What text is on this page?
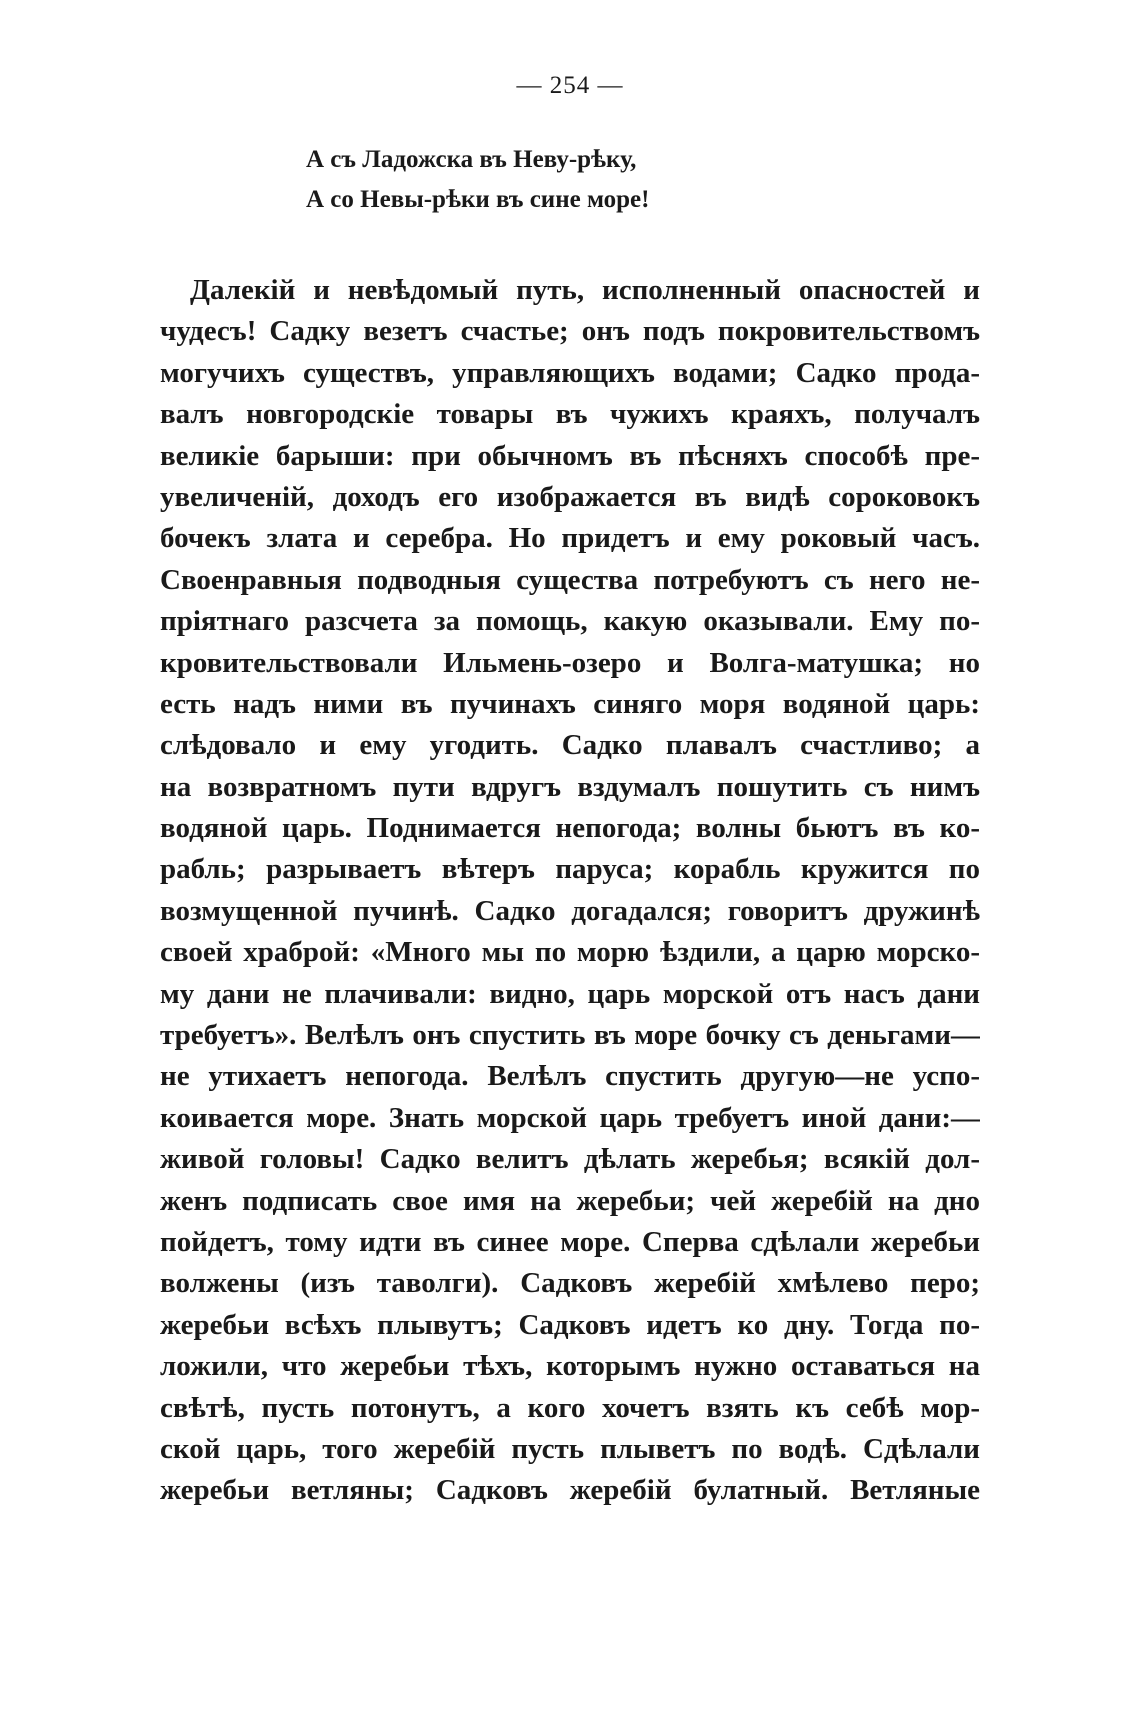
— 254 —
А съ Ладожска въ Неву-рѣку,
А со Невы-рѣки въ сине море!
Далекій и невѣдомый путь, исполненный опасностей и
чудесъ! Садку везетъ счастье; онъ подъ покровительствомъ
могучихъ существъ, управляющихъ водами; Садко прода-
валъ новгородскіе товары въ чужихъ краяхъ, получалъ
великіе барыши: при обычномъ въ пѣсняхъ способѣ пре-
увеличеній, доходъ его изображается въ видѣ сороковокъ
бочекъ злата и серебра. Но придетъ и ему роковый часъ.
Своенравныя подводныя существа потребуютъ съ него не-
пріятнаго разсчета за помощь, какую оказывали. Ему по-
кровительствовали Ильмень-озеро и Волга-матушка; но
есть надъ ними въ пучинахъ синяго моря водяной царь:
слѣдовало и ему угодить. Садко плавалъ счастливо; а
на возвратномъ пути вдругъ вздумалъ пошутить съ нимъ
водяной царь. Поднимается непогода; волны бьютъ въ ко-
рабль; разрываетъ вѣтеръ паруса; корабль кружится по
возмущенной пучинѣ. Садко догадался; говоритъ дружинѣ
своей храброй: «Много мы по морю ѣздили, а царю морско-
му дани не плачивали: видно, царь морской отъ насъ дани
требуетъ». Велѣлъ онъ спустить въ море бочку съ деньгами—
не утихаетъ непогода. Велѣлъ спустить другую—не успо-
коивается море. Знать морской царь требуетъ иной дани:—
живой головы! Садко велитъ дѣлать жеребья; всякій дол-
женъ подписать свое имя на жеребьи; чей жеребій на дно
пойдетъ, тому идти въ синее море. Сперва сдѣлали жеребьи
волжены (изъ таволги). Садковъ жеребій хмѣлево перо;
жеребьи всѣхъ плывутъ; Садковъ идетъ ко дну. Тогда по-
ложили, что жеребьи тѣхъ, которымъ нужно оставаться на
свѣтѣ, пусть потонутъ, а кого хочетъ взять къ себѣ мор-
ской царь, того жеребій пусть плыветъ по водѣ. Сдѣлали
жеребьи ветляны; Садковъ жеребій булатный. Ветляные
